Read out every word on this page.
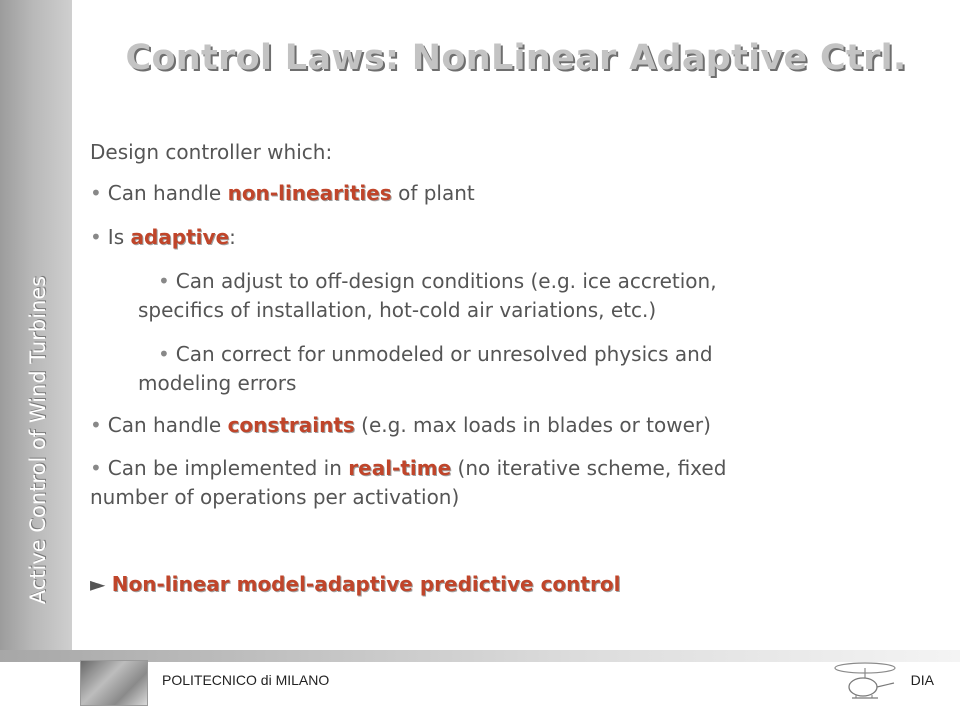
Active Control of Wind Turbines
Control Laws: NonLinear Adaptive Ctrl.
Design controller which:
• Can handle non-linearities of plant
• Is adaptive:
• Can adjust to off-design conditions (e.g. ice accretion,
specifics of installation, hot-cold air variations, etc.)
• Can correct for unmodeled or unresolved physics and
modeling errors
• Can handle constraints (e.g. max loads in blades or tower)
• Can be implemented in real-time (no iterative scheme, fixed
number of operations per activation)
► Non-linear model-adaptive predictive control
POLITECNICO di MILANO	DIA
